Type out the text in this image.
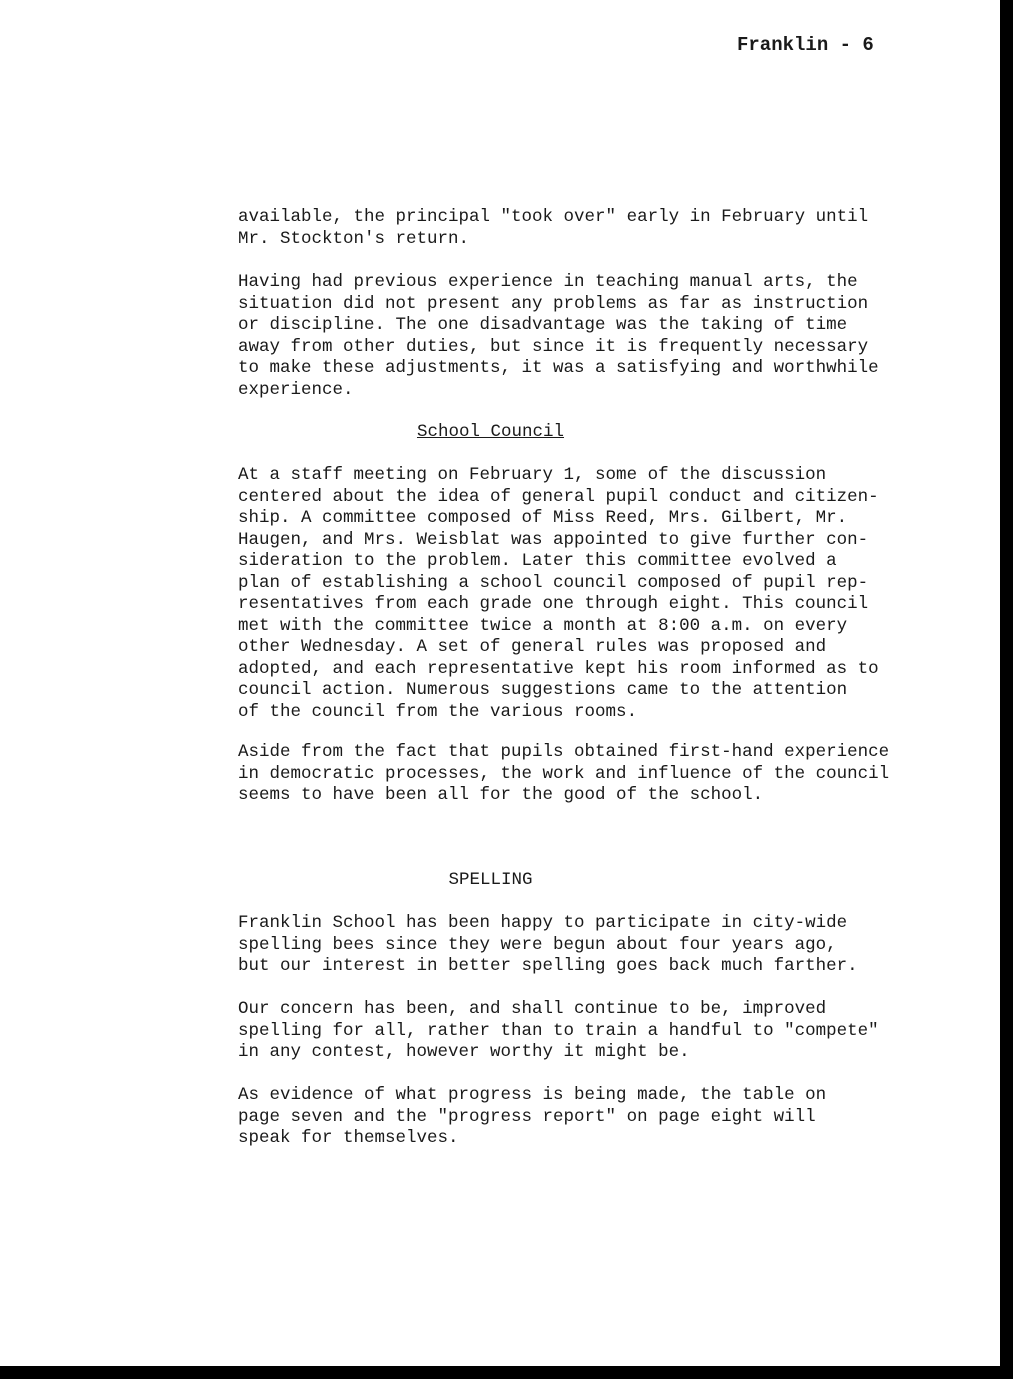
Franklin - 6

available, the principal "took over" early in February until
Mr. Stockton's return.

Having had previous experience in teaching manual arts, the
situation did not present any problems as far as instruction
or discipline. The one disadvantage was the taking of time
away from other duties, but since it is frequently necessary
to make these adjustments, it was a satisfying and worthwhile
experience.

School Council

At a staff meeting on February 1, some of the discussion
centered about the idea of general pupil conduct and citizen-
ship. A committee composed of Miss Reed, Mrs. Gilbert, Mr.
Haugen, and Mrs. Weisblat was appointed to give further con-
sideration to the problem. Later this committee evolved a
plan of establishing a school council composed of pupil rep-
resentatives from each grade one through eight. This council
met with the committee twice a month at 8:00 a.m. on every
other Wednesday. A set of general rules was proposed and
adopted, and each representative kept his room informed as to
council action. Numerous suggestions came to the attention
of the council from the various rooms.

Aside from the fact that pupils obtained first-hand experience
in democratic processes, the work and influence of the council
seems to have been all for the good of the school.

SPELLING

Franklin School has been happy to participate in city-wide
spelling bees since they were begun about four years ago,
but our interest in better spelling goes back much farther.

Our concern has been, and shall continue to be, improved
spelling for all, rather than to train a handful to "compete"
in any contest, however worthy it might be.

As evidence of what progress is being made, the table on
page seven and the "progress report" on page eight will
speak for themselves.
